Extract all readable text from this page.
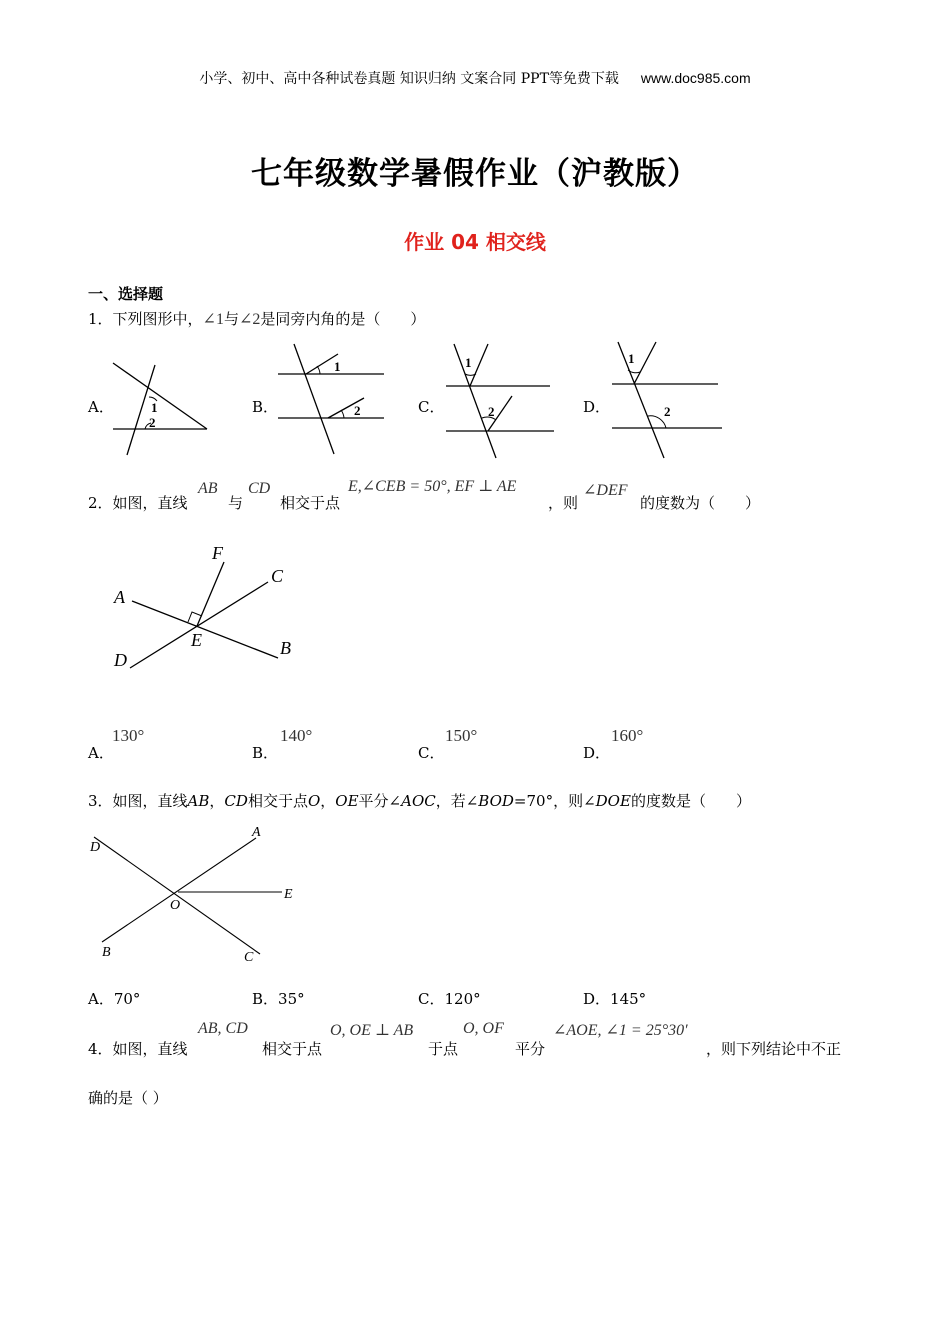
小学、初中、高中各种试卷真题 知识归纳 文案合同 PPT等免费下载 www.doc985.com
七年级数学暑假作业（沪教版）
作业 04 相交线
一、选择题
1．下列图形中，∠1与∠2是同旁内角的是（　　）
A．	B．	C．	D．
1
2
1
2
1
2
1
2
2．如图，直线
AB
与
CD
相交于点
E,∠CEB = 50°, EF ⊥ AE
，则
∠DEF
的度数为（　　）
F
C
A
E	B
D
A．
130°
B．
140°
C．
150°
D．
160°
3．如图，直线AB，CD相交于点O，OE平分∠AOC，若∠BOD=70°，则∠DOE的度数是（　　）
D
A
E
O
B	C
A．70°	B．35°	C．120°	D．145°
4．如图，直线
AB, CD
相交于点
O, OE ⊥ AB
于点
O, OF
平分
∠AOE, ∠1 = 25°30′
，则下列结论中不正
确的是（ ）
